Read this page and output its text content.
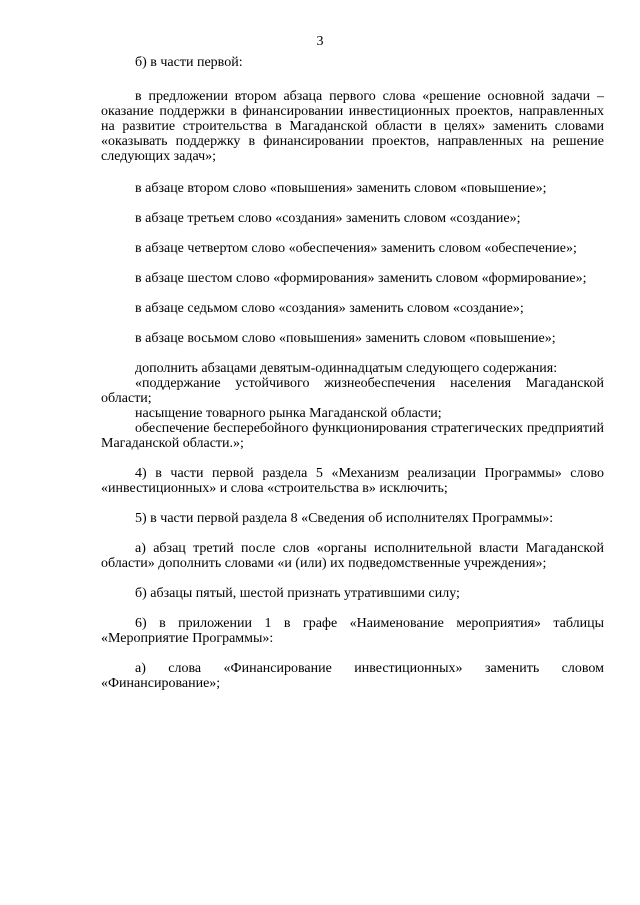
3

б) в части первой:

в предложении втором абзаца первого слова «решение основной задачи – оказание поддержки в финансировании инвестиционных проектов, направленных на развитие строительства в Магаданской области в целях» заменить словами «оказывать поддержку в финансировании проектов, направленных на решение следующих задач»;

в абзаце втором слово «повышения» заменить словом «повышение»;

в абзаце третьем слово «создания» заменить словом «создание»;

в абзаце четвертом слово «обеспечения» заменить словом «обеспечение»;

в абзаце шестом слово «формирования» заменить словом «формирование»;

в абзаце седьмом слово «создания» заменить словом «создание»;

в абзаце восьмом слово «повышения» заменить словом «повышение»;

дополнить абзацами девятым-одиннадцатым следующего содержания:

«поддержание устойчивого жизнеобеспечения населения Магаданской области;

насыщение товарного рынка Магаданской области;

обеспечение бесперебойного функционирования стратегических предприятий Магаданской области.»;

4) в части первой раздела 5 «Механизм реализации Программы» слово «инвестиционных» и слова «строительства в» исключить;

5) в части первой раздела 8 «Сведения об исполнителях Программы»:

а) абзац третий после слов «органы исполнительной власти Магаданской области» дополнить словами «и (или) их подведомственные учреждения»;

б) абзацы пятый, шестой признать утратившими силу;

6) в приложении 1 в графе «Наименование мероприятия» таблицы «Мероприятие Программы»:

а) слова «Финансирование инвестиционных» заменить словом «Финансирование»;
